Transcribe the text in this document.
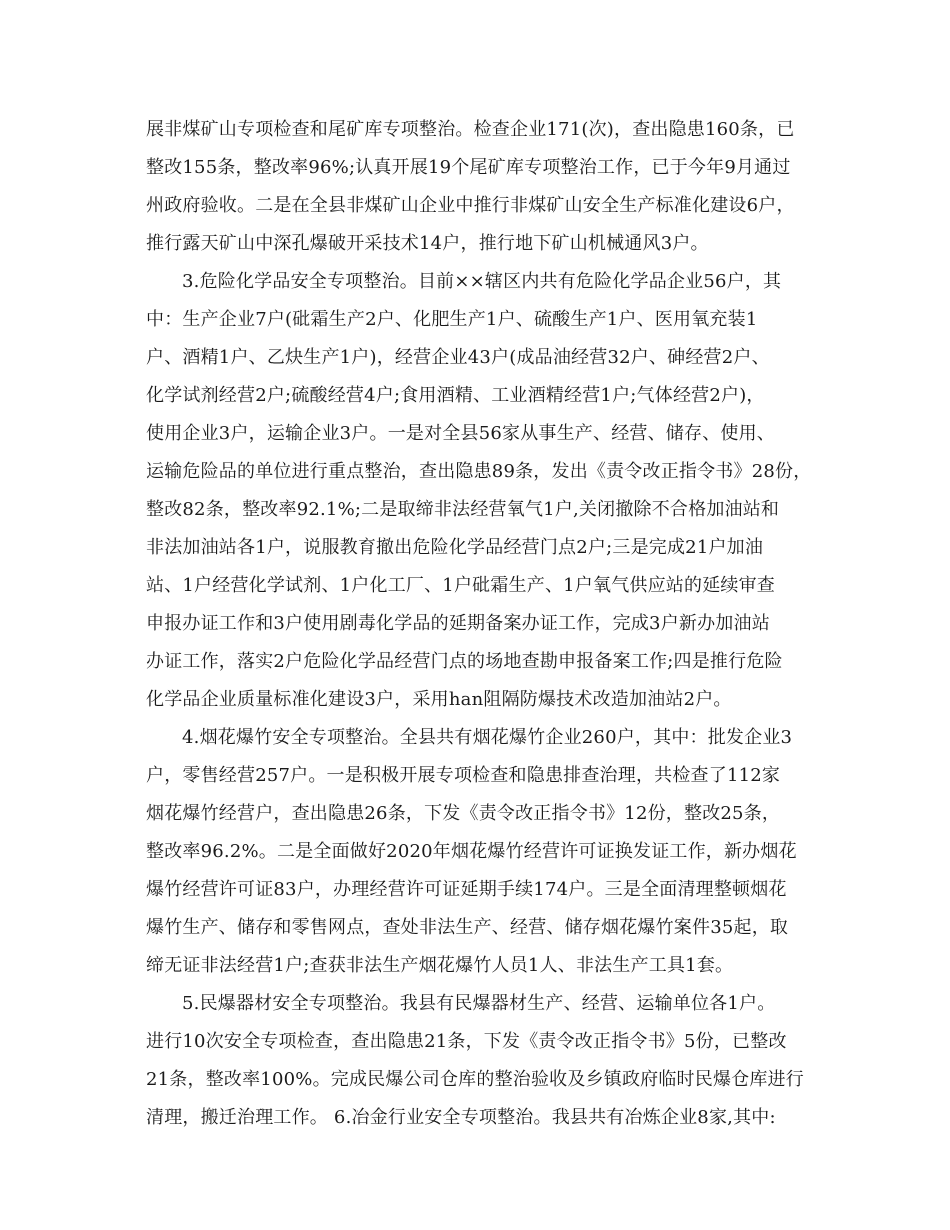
展非煤矿山专项检查和尾矿库专项整治。检查企业171(次)，查出隐患160条，已
整改155条，整改率96%;认真开展19个尾矿库专项整治工作，已于今年9月通过
州政府验收。二是在全县非煤矿山企业中推行非煤矿山安全生产标准化建设6户，
推行露天矿山中深孔爆破开采技术14户，推行地下矿山机械通风3户。
3.危险化学品安全专项整治。目前××辖区内共有危险化学品企业56户，其
中：生产企业7户(砒霜生产2户、化肥生产1户、硫酸生产1户、医用氧充装1
户、酒精1户、乙炔生产1户)，经营企业43户(成品油经营32户、砷经营2户、
化学试剂经营2户;硫酸经营4户;食用酒精、工业酒精经营1户;气体经营2户)，
使用企业3户，运输企业3户。一是对全县56家从事生产、经营、储存、使用、
运输危险品的单位进行重点整治，查出隐患89条，发出《责令改正指令书》28份，
整改82条，整改率92.1%;二是取缔非法经营氧气1户,关闭撤除不合格加油站和
非法加油站各1户，说服教育撤出危险化学品经营门点2户;三是完成21户加油
站、1户经营化学试剂、1户化工厂、1户砒霜生产、1户氧气供应站的延续审查
申报办证工作和3户使用剧毒化学品的延期备案办证工作，完成3户新办加油站
办证工作，落实2户危险化学品经营门点的场地查勘申报备案工作;四是推行危险
化学品企业质量标准化建设3户，采用han阻隔防爆技术改造加油站2户。
4.烟花爆竹安全专项整治。全县共有烟花爆竹企业260户，其中：批发企业3
户，零售经营257户。一是积极开展专项检查和隐患排查治理，共检查了112家
烟花爆竹经营户，查出隐患26条，下发《责令改正指令书》12份，整改25条，
整改率96.2%。二是全面做好2020年烟花爆竹经营许可证换发证工作，新办烟花
爆竹经营许可证83户，办理经营许可证延期手续174户。三是全面清理整顿烟花
爆竹生产、储存和零售网点，查处非法生产、经营、储存烟花爆竹案件35起，取
缔无证非法经营1户;查获非法生产烟花爆竹人员1人、非法生产工具1套。
5.民爆器材安全专项整治。我县有民爆器材生产、经营、运输单位各1户。
进行10次安全专项检查，查出隐患21条，下发《责令改正指令书》5份，已整改
21条，整改率100%。完成民爆公司仓库的整治验收及乡镇政府临时民爆仓库进行
清理，搬迁治理工作。 6.冶金行业安全专项整治。我县共有冶炼企业8家,其中:
